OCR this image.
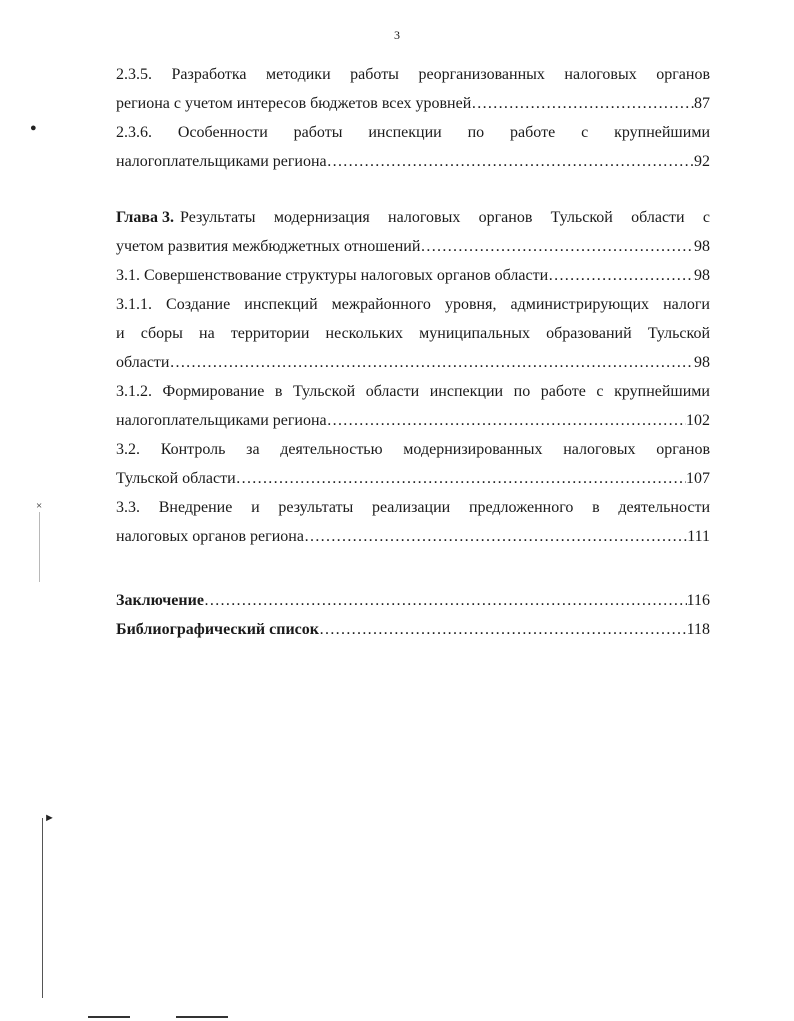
3
●
×
►
2.3.5. Разработка методики работы реорганизованных налоговых органов
региона с учетом интересов бюджетов всех уровней ………………………………………………………………………………………………………………………………………………………………………………	87
2.3.6. Особенности работы инспекции по работе с крупнейшими
налогоплательщиками региона ………………………………………………………………………………………………………………………………………………………………………………	92
Глава 3. Результаты модернизация налоговых органов Тульской области с
учетом развития межбюджетных отношений ………………………………………………………………………………………………………………………………………………………………………………	98
3.1. Совершенствование структуры налоговых органов области ………………………………………………………………………………………………………………………………………………………………………………	98
3.1.1. Создание инспекций межрайонного уровня, администрирующих налоги
и сборы на территории нескольких муниципальных образований Тульской
области ………………………………………………………………………………………………………………………………………………………………………………	98
3.1.2. Формирование в Тульской области инспекции по работе с крупнейшими
налогоплательщиками региона ………………………………………………………………………………………………………………………………………………………………………………	102
3.2. Контроль за деятельностью модернизированных налоговых органов
Тульской области ………………………………………………………………………………………………………………………………………………………………………………	107
3.3. Внедрение и результаты реализации предложенного в деятельности
налоговых органов региона ………………………………………………………………………………………………………………………………………………………………………………	111
Заключение ………………………………………………………………………………………………………………………………………………………………………………	116
Библиографический список ………………………………………………………………………………………………………………………………………………………………………………	118
